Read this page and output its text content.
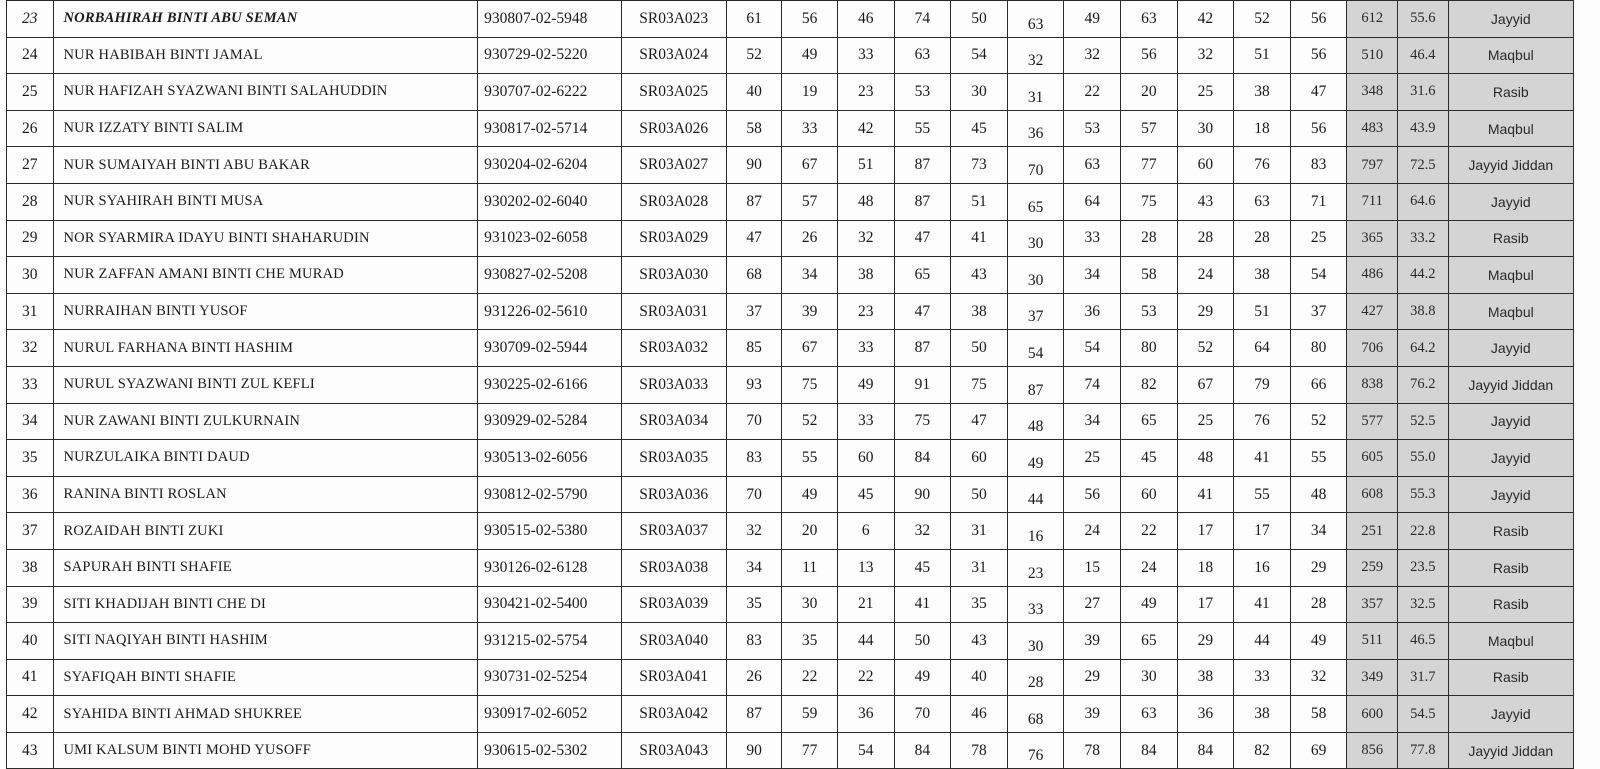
23	NORBAHIRAH BINTI ABU SEMAN	930807-02-5948	SR03A023	61	56	46	74	50	63	49	63	42	52	56	612	55.6	Jayyid
24	NUR HABIBAH BINTI JAMAL	930729-02-5220	SR03A024	52	49	33	63	54	32	32	56	32	51	56	510	46.4	Maqbul
25	NUR HAFIZAH SYAZWANI BINTI SALAHUDDIN	930707-02-6222	SR03A025	40	19	23	53	30	31	22	20	25	38	47	348	31.6	Rasib
26	NUR IZZATY BINTI SALIM	930817-02-5714	SR03A026	58	33	42	55	45	36	53	57	30	18	56	483	43.9	Maqbul
27	NUR SUMAIYAH BINTI ABU BAKAR	930204-02-6204	SR03A027	90	67	51	87	73	70	63	77	60	76	83	797	72.5	Jayyid Jiddan
28	NUR SYAHIRAH BINTI MUSA	930202-02-6040	SR03A028	87	57	48	87	51	65	64	75	43	63	71	711	64.6	Jayyid
29	NOR SYARMIRA IDAYU BINTI SHAHARUDIN	931023-02-6058	SR03A029	47	26	32	47	41	30	33	28	28	28	25	365	33.2	Rasib
30	NUR ZAFFAN AMANI BINTI CHE MURAD	930827-02-5208	SR03A030	68	34	38	65	43	30	34	58	24	38	54	486	44.2	Maqbul
31	NURRAIHAN BINTI YUSOF	931226-02-5610	SR03A031	37	39	23	47	38	37	36	53	29	51	37	427	38.8	Maqbul
32	NURUL FARHANA BINTI HASHIM	930709-02-5944	SR03A032	85	67	33	87	50	54	54	80	52	64	80	706	64.2	Jayyid
33	NURUL SYAZWANI BINTI ZUL KEFLI	930225-02-6166	SR03A033	93	75	49	91	75	87	74	82	67	79	66	838	76.2	Jayyid Jiddan
34	NUR ZAWANI BINTI ZULKURNAIN	930929-02-5284	SR03A034	70	52	33	75	47	48	34	65	25	76	52	577	52.5	Jayyid
35	NURZULAIKA BINTI DAUD	930513-02-6056	SR03A035	83	55	60	84	60	49	25	45	48	41	55	605	55.0	Jayyid
36	RANINA BINTI ROSLAN	930812-02-5790	SR03A036	70	49	45	90	50	44	56	60	41	55	48	608	55.3	Jayyid
37	ROZAIDAH BINTI ZUKI	930515-02-5380	SR03A037	32	20	6	32	31	16	24	22	17	17	34	251	22.8	Rasib
38	SAPURAH BINTI SHAFIE	930126-02-6128	SR03A038	34	11	13	45	31	23	15	24	18	16	29	259	23.5	Rasib
39	SITI KHADIJAH BINTI CHE DI	930421-02-5400	SR03A039	35	30	21	41	35	33	27	49	17	41	28	357	32.5	Rasib
40	SITI NAQIYAH BINTI HASHIM	931215-02-5754	SR03A040	83	35	44	50	43	30	39	65	29	44	49	511	46.5	Maqbul
41	SYAFIQAH BINTI SHAFIE	930731-02-5254	SR03A041	26	22	22	49	40	28	29	30	38	33	32	349	31.7	Rasib
42	SYAHIDA BINTI AHMAD SHUKREE	930917-02-6052	SR03A042	87	59	36	70	46	68	39	63	36	38	58	600	54.5	Jayyid
43	UMI KALSUM BINTI MOHD YUSOFF	930615-02-5302	SR03A043	90	77	54	84	78	76	78	84	84	82	69	856	77.8	Jayyid Jiddan
